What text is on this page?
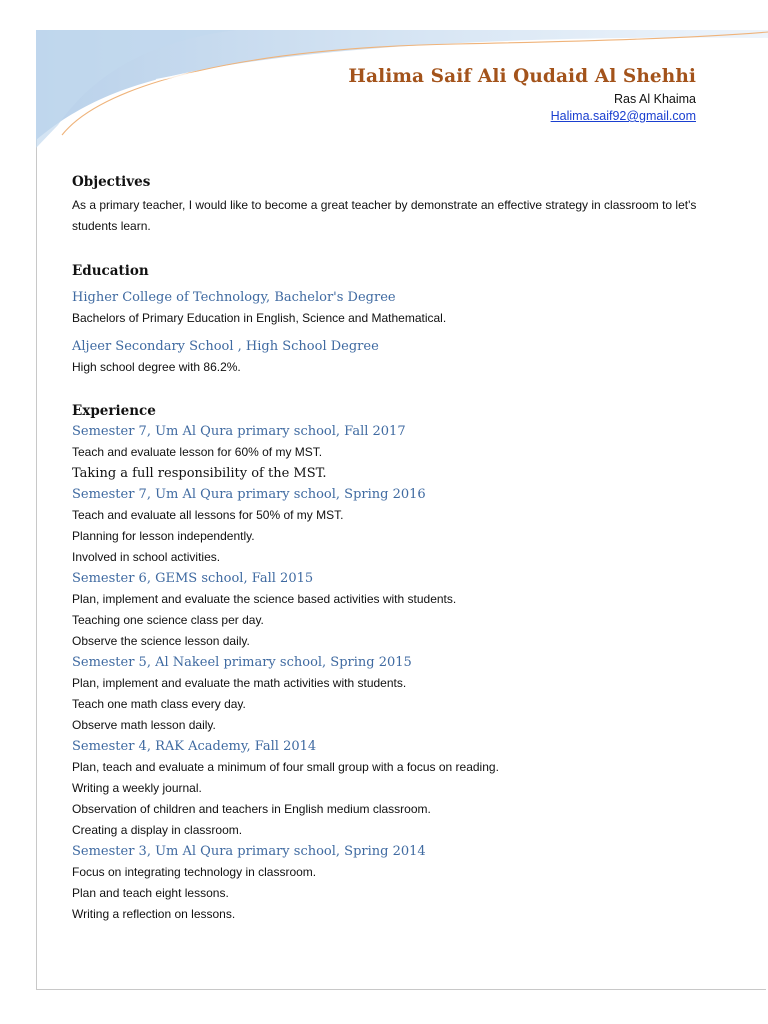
Halima Saif Ali Qudaid Al Shehhi
Ras Al Khaima
Halima.saif92@gmail.com
Objectives
As a primary teacher, I would like to become a great teacher by demonstrate an effective strategy in classroom to let's students learn.
Education
Higher College of Technology, Bachelor's Degree
Bachelors of Primary Education in English, Science and Mathematical.
Aljeer Secondary School , High School Degree
High school degree with 86.2%.
Experience
Semester 7, Um Al Qura primary school, Fall 2017
Teach and evaluate lesson for 60% of my MST.
Taking a full responsibility of the MST.
Semester 7, Um Al Qura primary school, Spring 2016
Teach and evaluate all lessons for 50% of my MST.
Planning for lesson independently.
Involved in school activities.
Semester 6, GEMS school, Fall 2015
Plan, implement and evaluate the science based activities with students.
Teaching one science class per day.
Observe the science lesson daily.
Semester 5, Al Nakeel primary school, Spring 2015
Plan, implement and evaluate the math activities with students.
Teach one math class every day.
Observe math lesson daily.
Semester 4, RAK Academy, Fall 2014
Plan, teach and evaluate a minimum of four small group with a focus on reading.
Writing a weekly journal.
Observation of children and teachers in English medium classroom.
Creating a display in classroom.
Semester 3, Um Al Qura primary school, Spring 2014
Focus on integrating technology in classroom.
Plan and teach eight lessons.
Writing a reflection on lessons.
